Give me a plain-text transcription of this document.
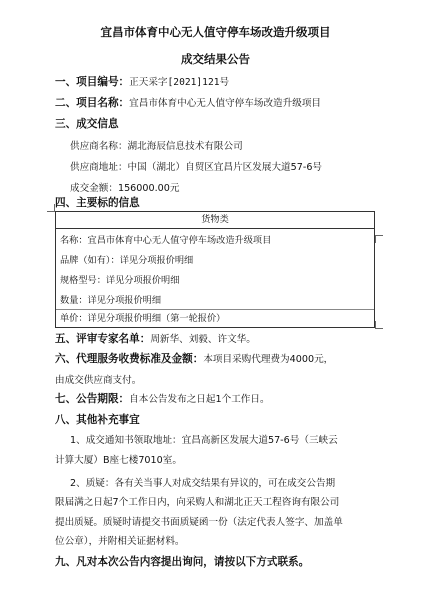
宜昌市体育中心无人值守停车场改造升级项目
成交结果公告
一、项目编号：正天采字[2021]121号
二、项目名称：宜昌市体育中心无人值守停车场改造升级项目
三、成交信息
供应商名称：湖北海辰信息技术有限公司
供应商地址：中国（湖北）自贸区宜昌片区发展大道57-6号
成交金额：156000.00元
四、主要标的信息
货物类
名称：宜昌市体育中心无人值守停车场改造升级项目
品牌（如有）：详见分项报价明细
规格型号：详见分项报价明细
数量：详见分项报价明细
单价：详见分项报价明细（第一轮报价）
五、评审专家名单：周新华、刘毅、许文华。
六、代理服务收费标准及金额：本项目采购代理费为4000元，
由成交供应商支付。
七、公告期限：自本公告发布之日起1个工作日。
八、其他补充事宜
1、成交通知书领取地址：宜昌高新区发展大道57-6号（三峡云
计算大厦）B座七楼7010室。
2、质疑：各有关当事人对成交结果有异议的，可在成交公告期
限届满之日起7个工作日内，向采购人和湖北正天工程咨询有限公司
提出质疑。质疑时请提交书面质疑函一份（法定代表人签字、加盖单
位公章），并附相关证据材料。
九、凡对本次公告内容提出询问，请按以下方式联系。
